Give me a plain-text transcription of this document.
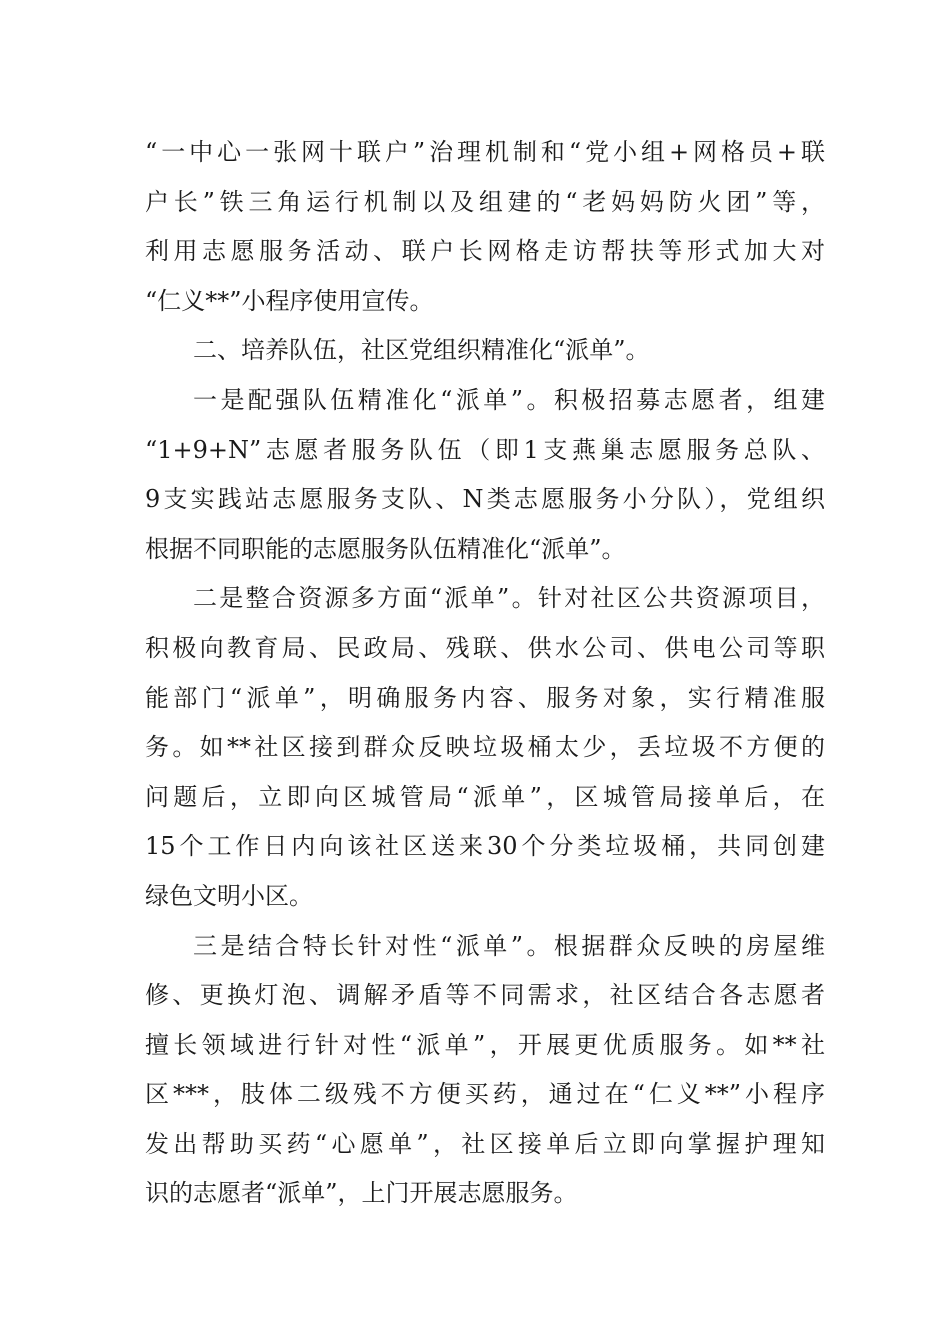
“一中心一张网十联户”治理机制和“党小组+网格员+联
户长”铁三角运行机制以及组建的“老妈妈防火团”等，
利用志愿服务活动、联户长网格走访帮扶等形式加大对
“仁义**”小程序使用宣传。
二、培养队伍，社区党组织精准化“派单”。
一是配强队伍精准化“派单”。积极招募志愿者，组建
“1+9+N”志愿者服务队伍（即1支燕巢志愿服务总队、
9支实践站志愿服务支队、N类志愿服务小分队），党组织
根据不同职能的志愿服务队伍精准化“派单”。
二是整合资源多方面“派单”。针对社区公共资源项目，
积极向教育局、民政局、残联、供水公司、供电公司等职
能部门“派单”，明确服务内容、服务对象，实行精准服
务。如**社区接到群众反映垃圾桶太少，丢垃圾不方便的
问题后，立即向区城管局“派单”，区城管局接单后，在
15个工作日内向该社区送来30个分类垃圾桶，共同创建
绿色文明小区。
三是结合特长针对性“派单”。根据群众反映的房屋维
修、更换灯泡、调解矛盾等不同需求，社区结合各志愿者
擅长领域进行针对性“派单”，开展更优质服务。如**社
区***，肢体二级残不方便买药，通过在“仁义**”小程序
发出帮助买药“心愿单”，社区接单后立即向掌握护理知
识的志愿者“派单”，上门开展志愿服务。
